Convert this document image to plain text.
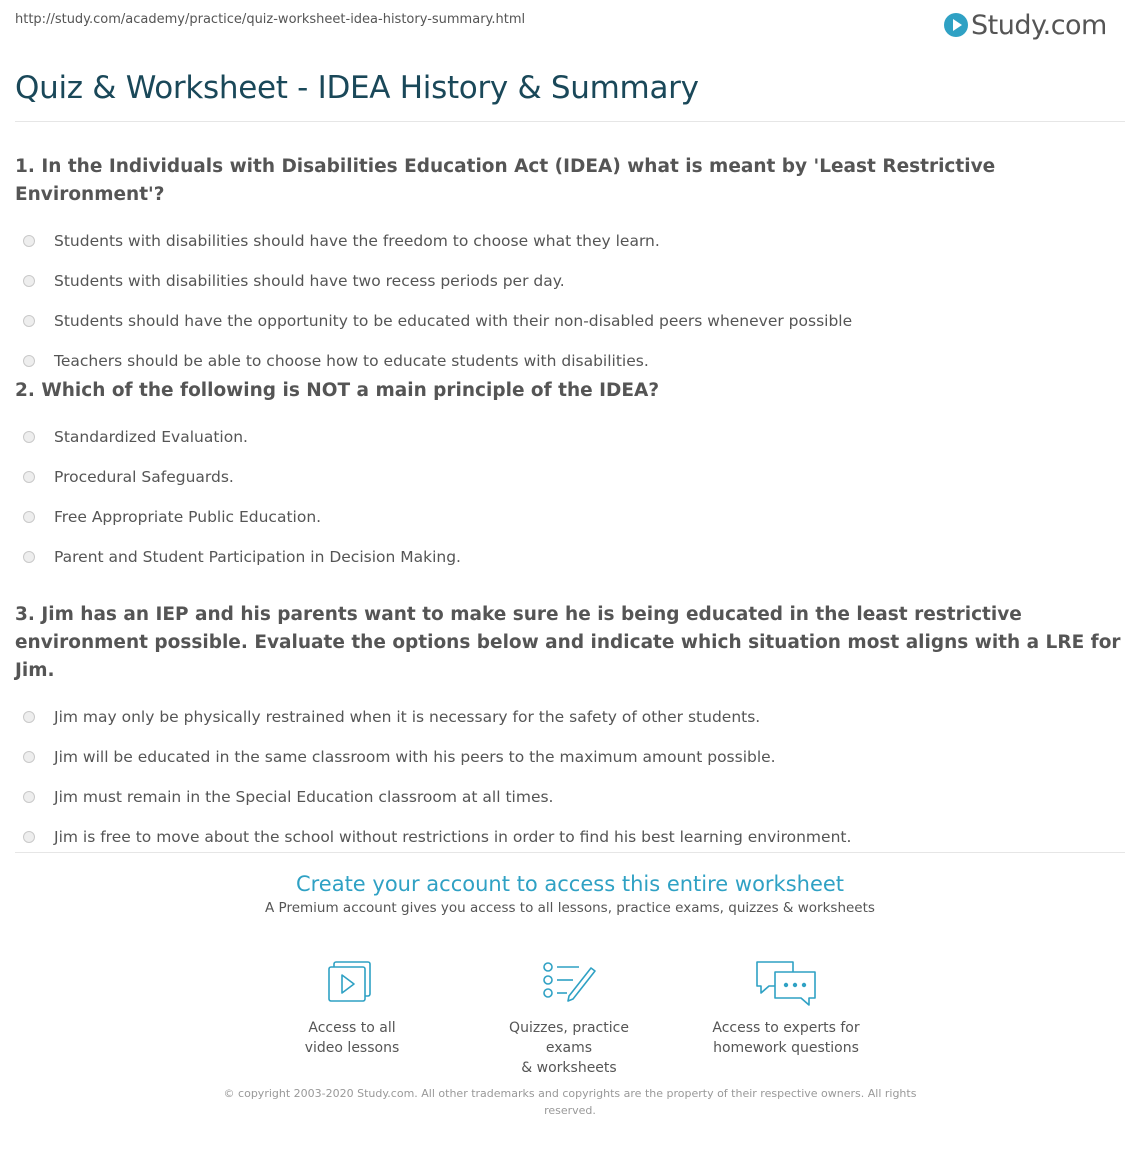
http://study.com/academy/practice/quiz-worksheet-idea-history-summary.html	Study.com
Quiz & Worksheet - IDEA History & Summary
1. In the Individuals with Disabilities Education Act (IDEA) what is meant by 'Least Restrictive Environment'?
Students with disabilities should have the freedom to choose what they learn.
Students with disabilities should have two recess periods per day.
Students should have the opportunity to be educated with their non-disabled peers whenever possible
Teachers should be able to choose how to educate students with disabilities.
2. Which of the following is NOT a main principle of the IDEA?
Standardized Evaluation.
Procedural Safeguards.
Free Appropriate Public Education.
Parent and Student Participation in Decision Making.
3. Jim has an IEP and his parents want to make sure he is being educated in the least restrictive environment possible. Evaluate the options below and indicate which situation most aligns with a LRE for Jim.
Jim may only be physically restrained when it is necessary for the safety of other students.
Jim will be educated in the same classroom with his peers to the maximum amount possible.
Jim must remain in the Special Education classroom at all times.
Jim is free to move about the school without restrictions in order to find his best learning environment.
Create your account to access this entire worksheet
A Premium account gives you access to all lessons, practice exams, quizzes & worksheets
Access to all
video lessons
Quizzes, practice exams
& worksheets
Access to experts for
homework questions
© copyright 2003-2020 Study.com. All other trademarks and copyrights are the property of their respective owners. All rights reserved.
